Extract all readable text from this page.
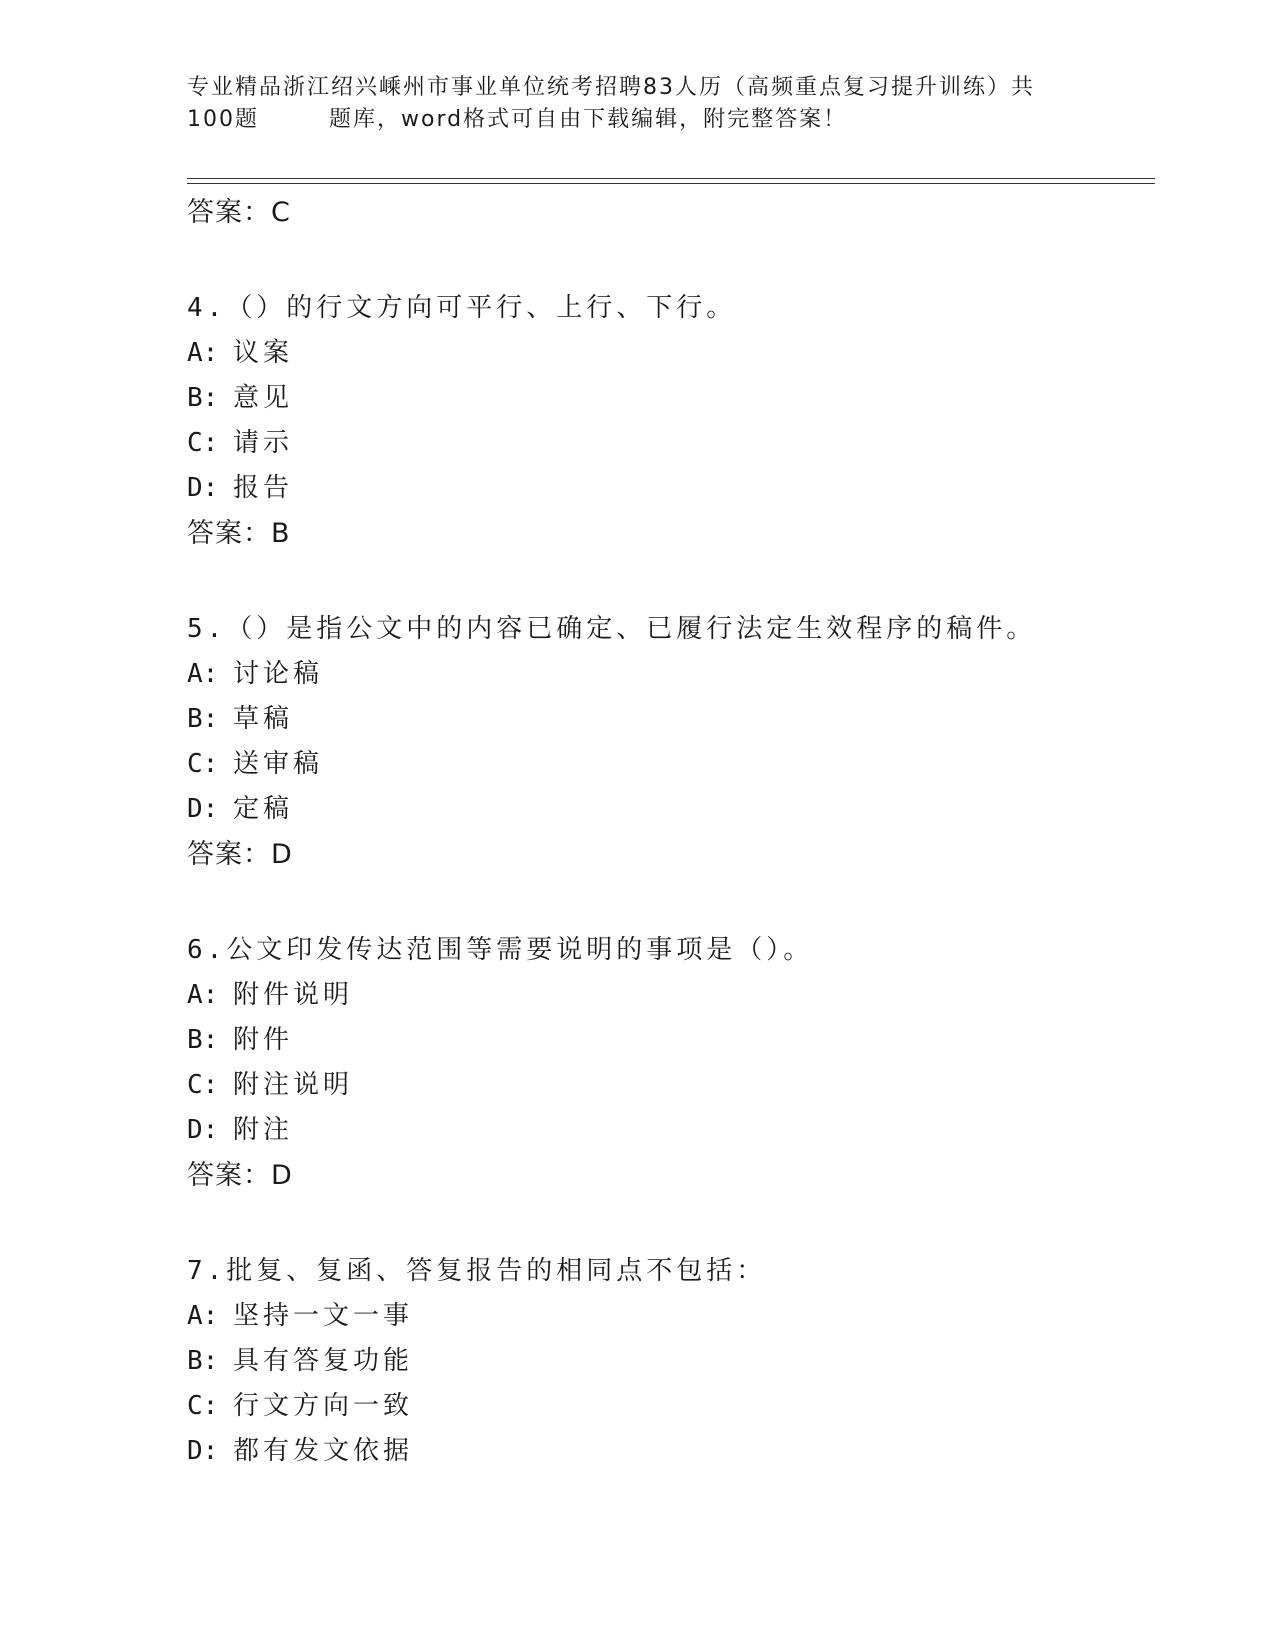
专业精品浙江绍兴嵊州市事业单位统考招聘83人历（高频重点复习提升训练）共
100题	题库，word格式可自由下载编辑，附完整答案！
答案：C
4.（）的行文方向可平行、上行、下行。
A: 议案
B: 意见
C: 请示
D: 报告
答案：B
5.（）是指公文中的内容已确定、已履行法定生效程序的稿件。
A: 讨论稿
B: 草稿
C: 送审稿
D: 定稿
答案：D
6.公文印发传达范围等需要说明的事项是（）。
A: 附件说明
B: 附件
C: 附注说明
D: 附注
答案：D
7.批复、复函、答复报告的相同点不包括：
A: 坚持一文一事
B: 具有答复功能
C: 行文方向一致
D: 都有发文依据
